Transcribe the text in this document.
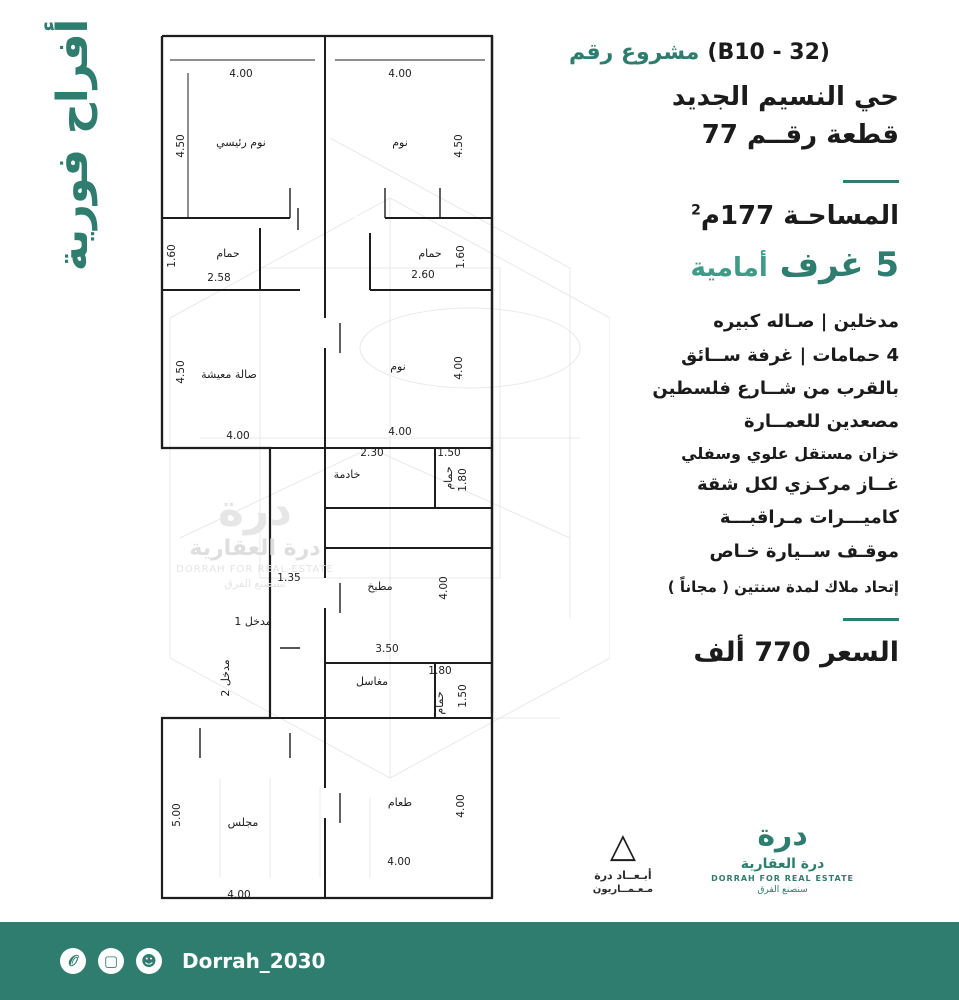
أفراح فورية	4.00	4.00
4.50	4.50
1.60
2.58	2.60
1.60
4.50	4.00
4.00	4.00
2.30	1.50
1.80
1.35	4.00
3.50
1.80
1.50
5.00	4.00
4.00
4.00
نوم رئيسي	نوم
حمام	حمام
صالة معيشة
نوم
خادمة	حمام
مطبخ
مغاسل
حمام
مجلس
طعام
مدخل 1
مدخل 2
درة
درة العقارية
DORRAH FOR REAL ESTATE
سنصنع الفرق
مشروع رقم (32 - B10)
حي النسيم الجديد
قطعة رقــم 77
المساحـة 177م$^2$
5 غرف أمامية
مدخلين | صـاله كبيره
4 حمامات | غرفة ســائق
بالقرب من شــارع فلسطين
مصعدين للعمــارة
خزان مستقل علوي وسفلي
غــاز مركـزي لكل شقة
كاميـــرات مـراقبـــة
موقـف ســيارة خـاص
إتحاد ملاك لمدة سنتين ( مجاناً )
السعر 770 ألف
△
أبـعــاد درة
مـعـمــاريون
درة
درة العقارية
DORRAH FOR REAL ESTATE
سنصنع الفرق
𝒪	▢	☻ Dorrah_2030
